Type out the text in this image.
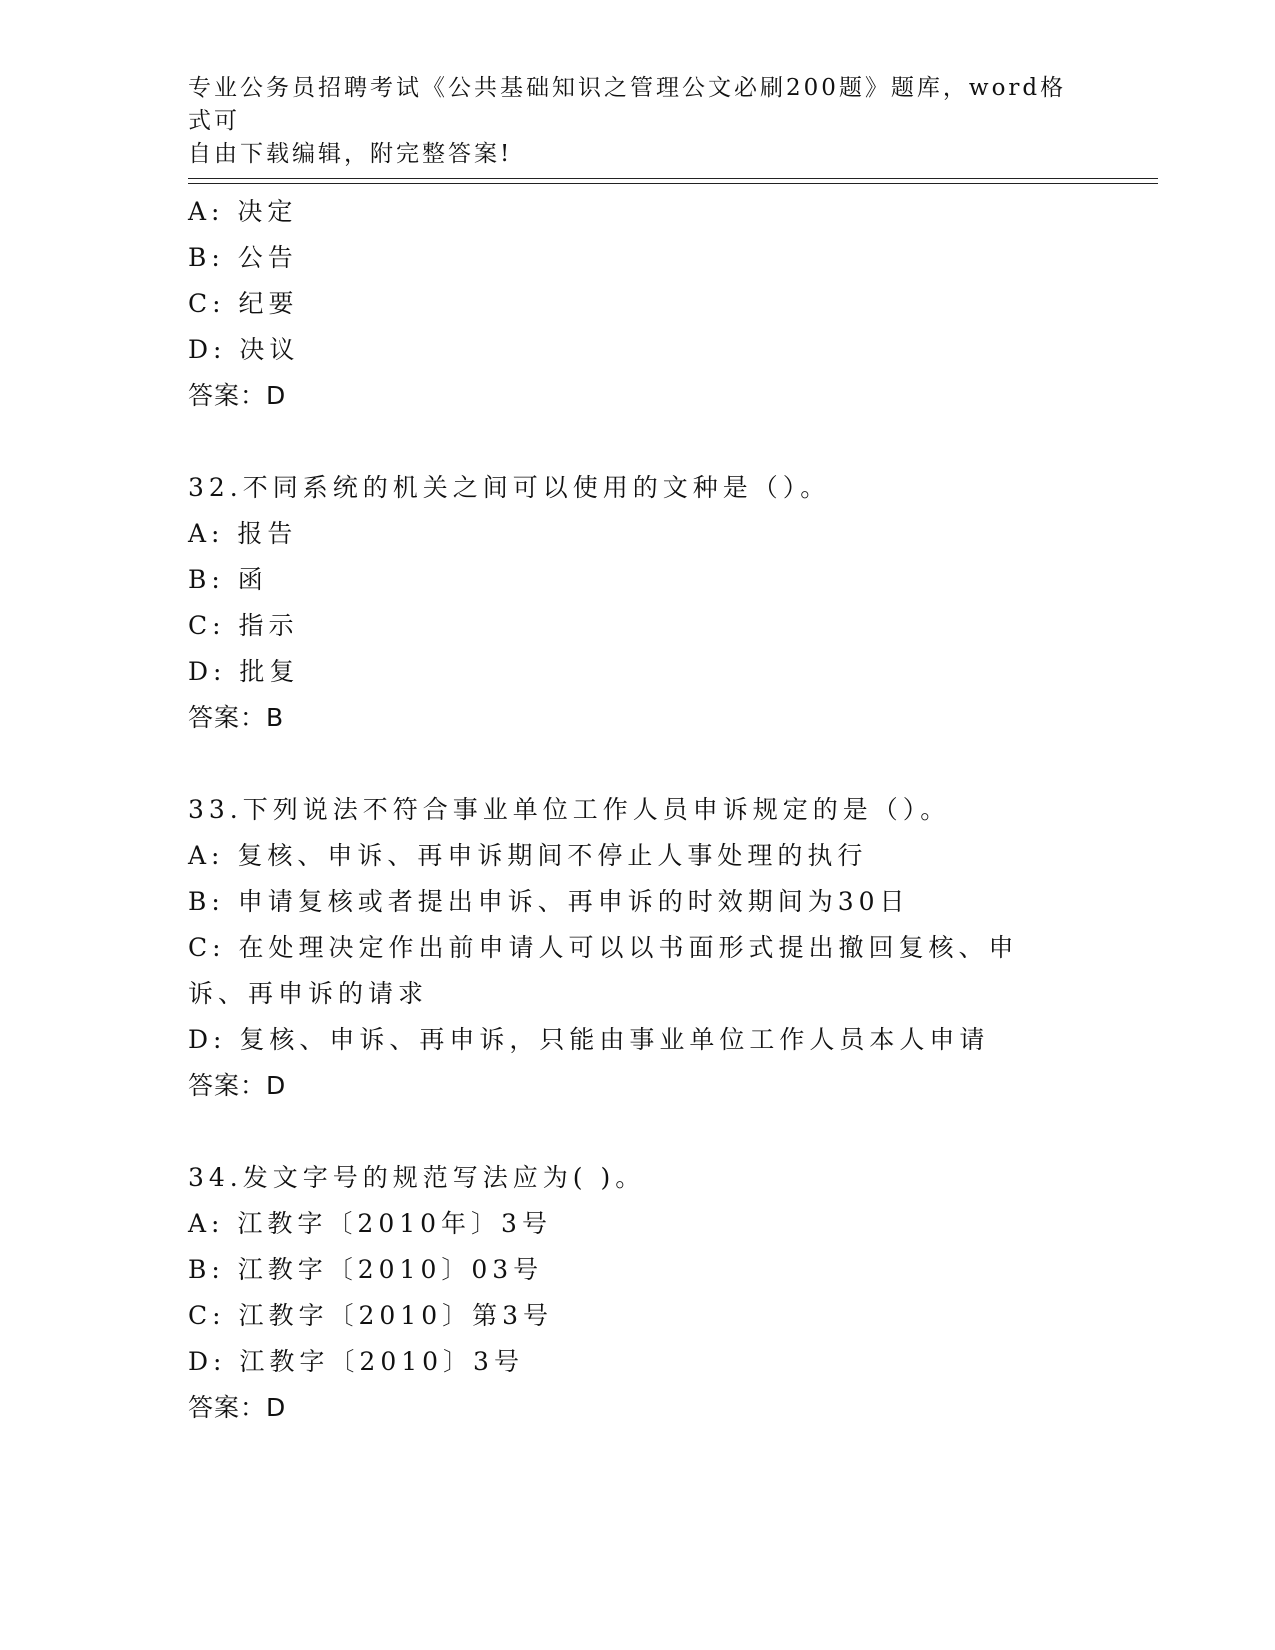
专业公务员招聘考试《公共基础知识之管理公文必刷200题》题库，word格式可
自由下载编辑，附完整答案!
A: 决定
B: 公告
C: 纪要
D: 决议
答案：D
32.不同系统的机关之间可以使用的文种是（）。
A: 报告
B: 函
C: 指示
D: 批复
答案：B
33.下列说法不符合事业单位工作人员申诉规定的是（）。
A: 复核、申诉、再申诉期间不停止人事处理的执行
B: 申请复核或者提出申诉、再申诉的时效期间为30日
C: 在处理决定作出前申请人可以以书面形式提出撤回复核、申诉、再申诉的请求
D: 复核、申诉、再申诉，只能由事业单位工作人员本人申请
答案：D
34.发文字号的规范写法应为( )。
A: 江教字〔2010年〕3号
B: 江教字〔2010〕03号
C: 江教字〔2010〕第3号
D: 江教字〔2010〕3号
答案：D
